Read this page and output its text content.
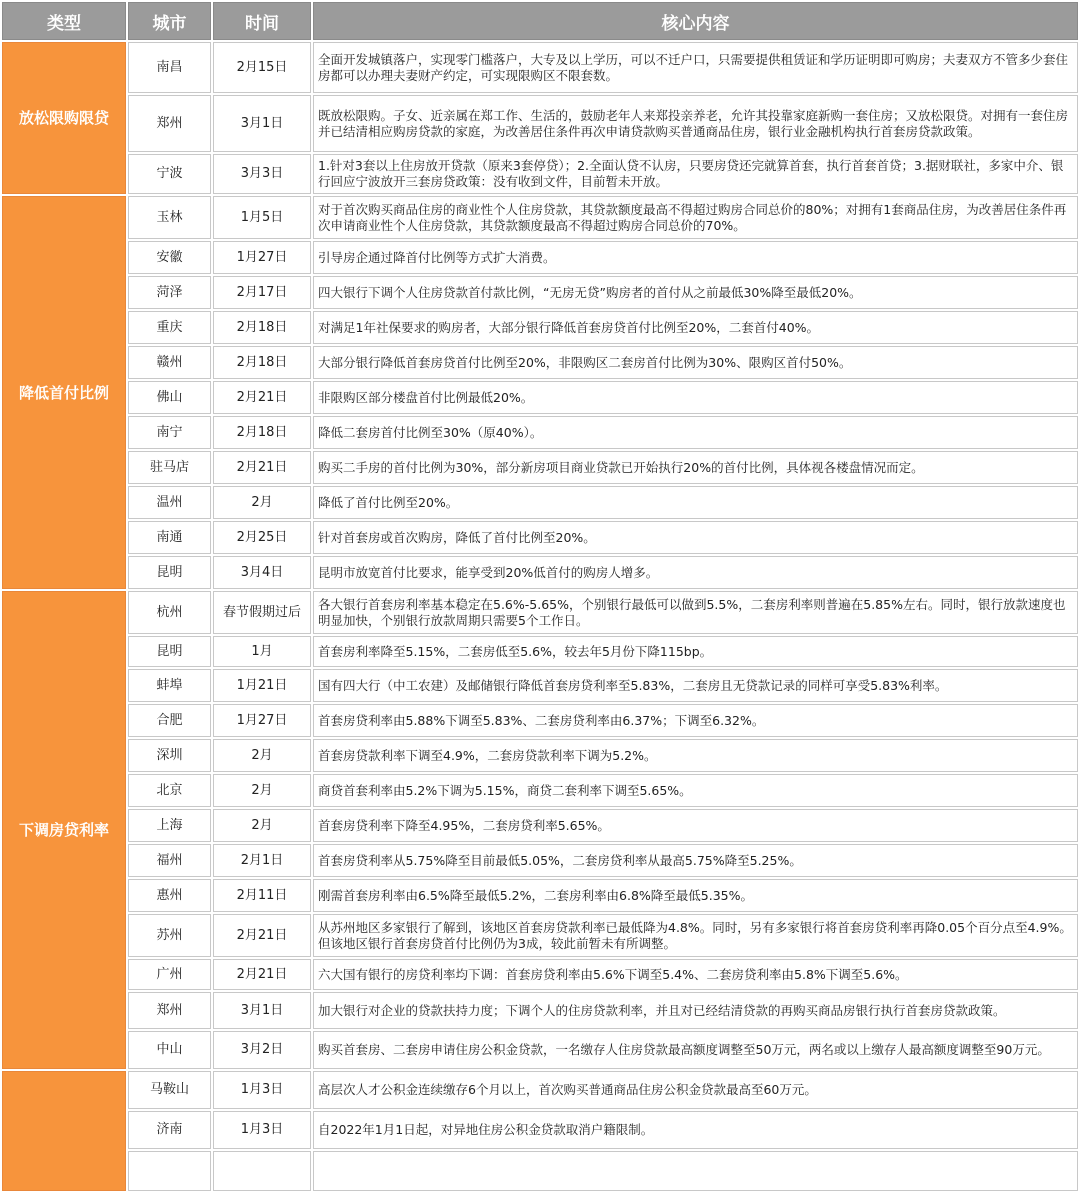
类型	城市	时间	核心内容
放松限购限贷	南昌	2月15日	全面开发城镇落户，实现零门槛落户，大专及以上学历，可以不迁户口，只需要提供租赁证和学历证明即可购房；夫妻双方不管多少套住房都可以办理夫妻财产约定，可实现限购区不限套数。
	郑州	3月1日	既放松限购。子女、近亲属在郑工作、生活的，鼓励老年人来郑投亲养老，允许其投靠家庭新购一套住房；又放松限贷。对拥有一套住房并已结清相应购房贷款的家庭，为改善居住条件再次申请贷款购买普通商品住房，银行业金融机构执行首套房贷款政策。
	宁波	3月3日	1.针对3套以上住房放开贷款（原来3套停贷）；2.全面认贷不认房，只要房贷还完就算首套，执行首套首贷；3.据财联社，多家中介、银行回应宁波放开三套房贷政策：没有收到文件，目前暂未开放。
降低首付比例	玉林	1月5日	对于首次购买商品住房的商业性个人住房贷款，其贷款额度最高不得超过购房合同总价的80%；对拥有1套商品住房，为改善居住条件再次申请商业性个人住房贷款，其贷款额度最高不得超过购房合同总价的70%。
	安徽	1月27日	引导房企通过降首付比例等方式扩大消费。
	菏泽	2月17日	四大银行下调个人住房贷款首付款比例，“无房无贷”购房者的首付从之前最低30%降至最低20%。
	重庆	2月18日	对满足1年社保要求的购房者，大部分银行降低首套房贷首付比例至20%，二套首付40%。
	赣州	2月18日	大部分银行降低首套房贷首付比例至20%，非限购区二套房首付比例为30%、限购区首付50%。
	佛山	2月21日	非限购区部分楼盘首付比例最低20%。
	南宁	2月18日	降低二套房首付比例至30%（原40%）。
	驻马店	2月21日	购买二手房的首付比例为30%，部分新房项目商业贷款已开始执行20%的首付比例，具体视各楼盘情况而定。
	温州	2月	降低了首付比例至20%。
	南通	2月25日	针对首套房或首次购房，降低了首付比例至20%。
	昆明	3月4日	昆明市放宽首付比要求，能享受到20%低首付的购房人增多。
下调房贷利率	杭州	春节假期过后	各大银行首套房利率基本稳定在5.6%-5.65%，个别银行最低可以做到5.5%，二套房利率则普遍在5.85%左右。同时，银行放款速度也明显加快，个别银行放款周期只需要5个工作日。
	昆明	1月	首套房利率降至5.15%，二套房低至5.6%，较去年5月份下降115bp。
	蚌埠	1月21日	国有四大行（中工农建）及邮储银行降低首套房贷利率至5.83%，二套房且无贷款记录的同样可享受5.83%利率。
	合肥	1月27日	首套房贷利率由5.88%下调至5.83%、二套房贷利率由6.37%；下调至6.32%。
	深圳	2月	首套房贷款利率下调至4.9%，二套房贷款利率下调为5.2%。
	北京	2月	商贷首套利率由5.2%下调为5.15%，商贷二套利率下调至5.65%。
	上海	2月	首套房贷利率下降至4.95%，二套房贷利率5.65%。
	福州	2月1日	首套房贷利率从5.75%降至目前最低5.05%，二套房贷利率从最高5.75%降至5.25%。
	惠州	2月11日	刚需首套房利率由6.5%降至最低5.2%，二套房利率由6.8%降至最低5.35%。
	苏州	2月21日	从苏州地区多家银行了解到，该地区首套房贷款利率已最低降为4.8%。同时，另有多家银行将首套房贷利率再降0.05个百分点至4.9%。但该地区银行首套房贷首付比例仍为3成，较此前暂未有所调整。
	广州	2月21日	六大国有银行的房贷利率均下调：首套房贷利率由5.6%下调至5.4%、二套房贷利率由5.8%下调至5.6%。
	郑州	3月1日	加大银行对企业的贷款扶持力度；下调个人的住房贷款利率，并且对已经结清贷款的再购买商品房银行执行首套房贷款政策。
	中山	3月2日	购买首套房、二套房申请住房公积金贷款，一名缴存人住房贷款最高额度调整至50万元，两名或以上缴存人最高额度调整至90万元。
	马鞍山	1月3日	高层次人才公积金连续缴存6个月以上，首次购买普通商品住房公积金贷款最高至60万元。
	济南	1月3日	自2022年1月1日起，对异地住房公积金贷款取消户籍限制。
